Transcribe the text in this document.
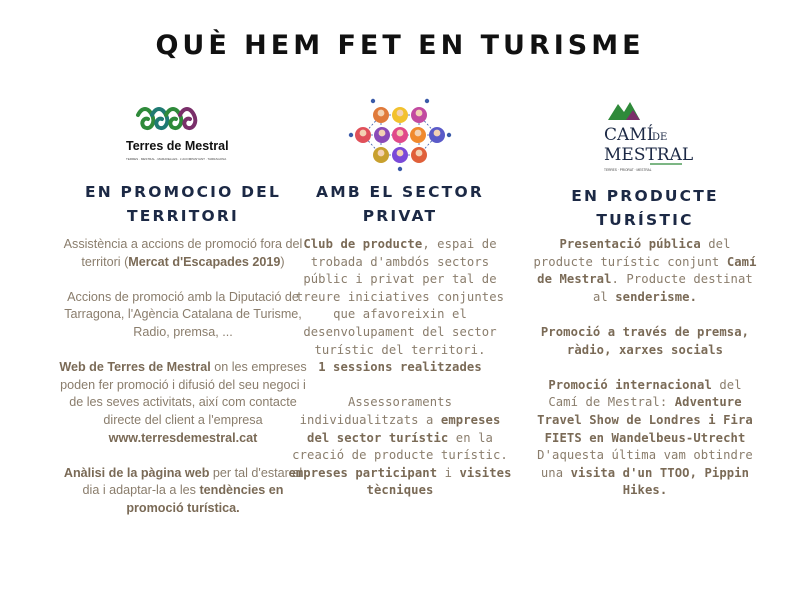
QUÈ HEM FET EN TURISME
Terres de Mestral
TERRES · MESTRAL · MARAVELLES · L'ACOMPANYANT · TARRAGONA
EN PROMOCIO DEL
TERRITORI

Assistència a accions de promoció fora del territori (Mercat d'Escapades 2019)

Accions de promoció amb la Diputació de Tarragona, l'Agència Catalana de Turisme, Radio, premsa, ...

Web de Terres de Mestral on les empreses poden fer promoció i difusió del seu negoci i de les seves activitats, així com contacte directe del client a l'empresa
www.terresdemestral.cat

Anàlisi de la pàgina web per tal d'estar al dia i adaptar-la a les tendències en promoció turística.

AMB EL SECTOR
PRIVAT

Club de producte, espai de trobada d'ambdós sectors públic i privat per tal de treure iniciatives conjuntes que afavoreixin el desenvolupament del sector turístic del territori.
1 sessions realitzades

Assessoraments individualitzats a empreses del sector turístic en la creació de producte turístic. empreses participant i visites tècniques

CAMÍ
DE
MESTRAL
TERRES · PRIORAT · MESTRAL
EN PRODUCTE
TURÍSTIC

Presentació pública del producte turístic conjunt Camí de Mestral. Producte destinat al senderisme.

Promoció a través de premsa, ràdio, xarxes socials

Promoció internacional del Camí de Mestral: Adventure Travel Show de Londres i Fira FIETS en Wandelbeus-Utrecht
D'aquesta última vam obtindre una visita d'un TTOO, Pippin Hikes.
